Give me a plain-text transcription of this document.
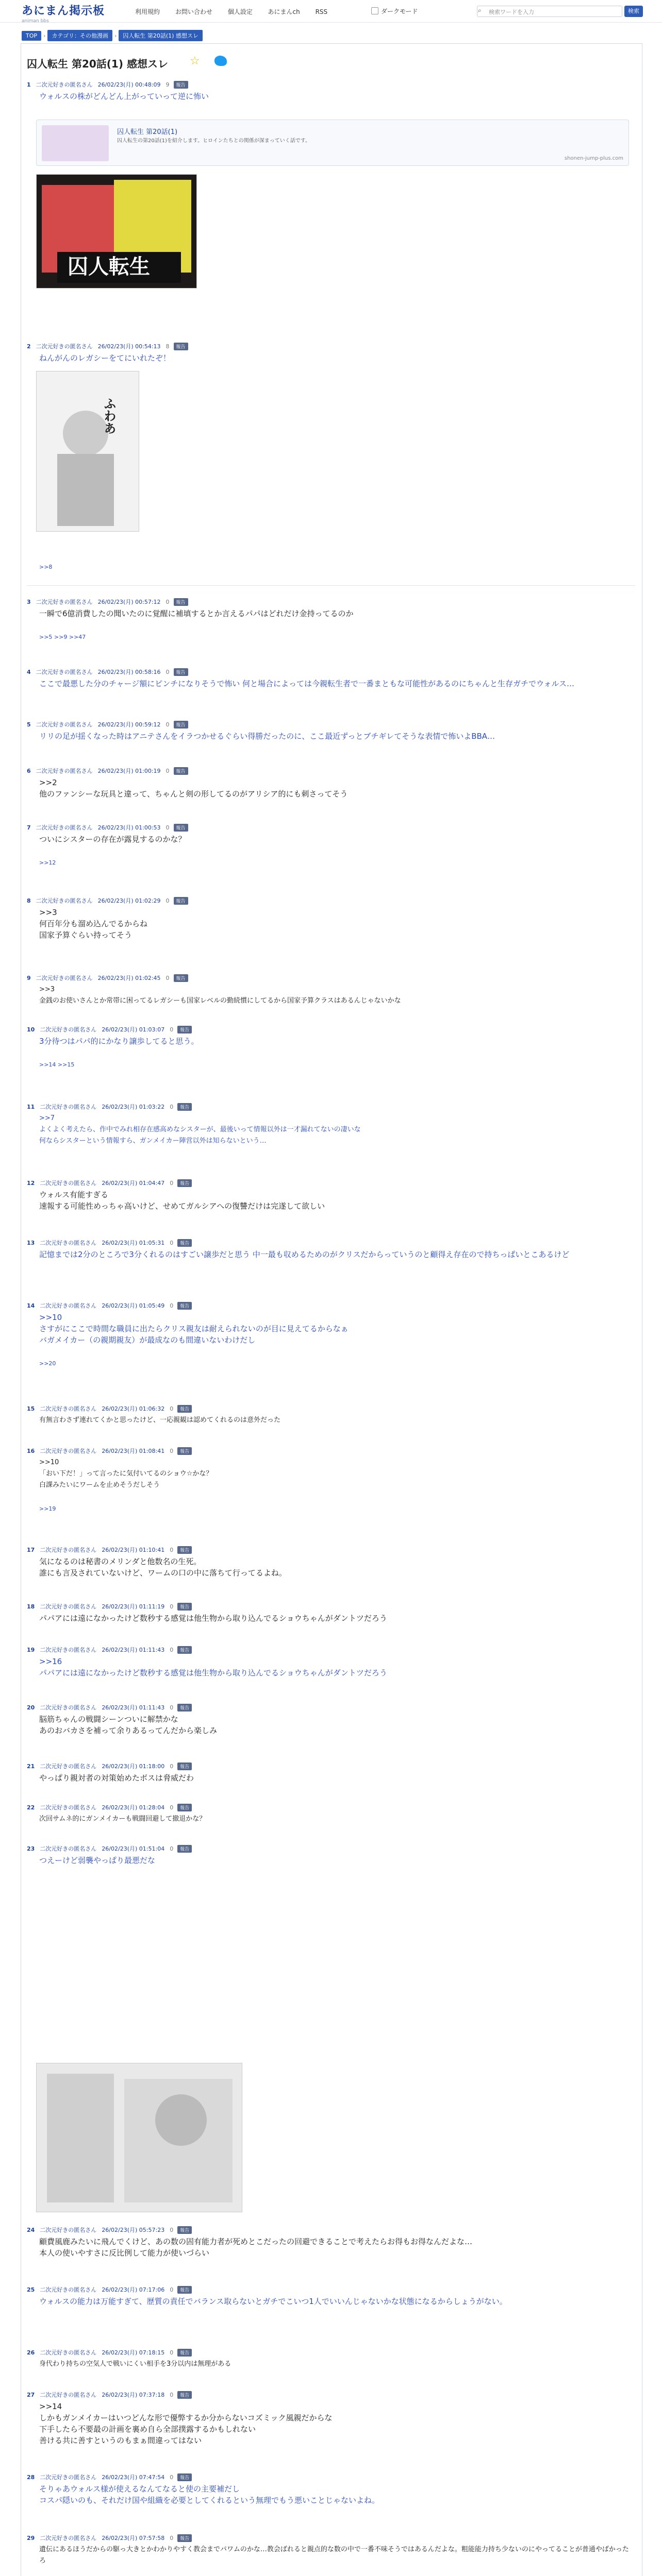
あにまん掲示板
animan bbs
利用規約 お問い合わせ 個人設定 あにまんch RSS	ダークモード	⌕	検索ワードを入力	検索
TOP › カテゴリ：その他漫画 › 囚人転生 第20話(1) 感想スレ
囚人転生 第20話(1) 感想スレ ☆
囚人転生 第20話(1)
囚人転生の第20話(1)を紹介します。ヒロインたちとの関係が深まっていく話です。
shonen-jump-plus.com
囚人転生
ふわあ
1 二次元好きの匿名さん 26/02/23(月) 00:48:09 9 報告
ウォルスの株がどんどん上がっていって逆に怖い
2 二次元好きの匿名さん 26/02/23(月) 00:54:13 8 報告
ねんがんのレガシーをてにいれたぞ！
>>8
3 二次元好きの匿名さん 26/02/23(月) 00:57:12 0 報告
一瞬で6億消費したの聞いたのに覚醒に補填するとか言えるパパはどれだけ金持ってるのか
>>5 >>9 >>47
4 二次元好きの匿名さん 26/02/23(月) 00:58:16 0 報告
ここで最悪した分のチャージ額にピンチになりそうで怖い 何と場合によっては今親転生者で一番まともな可能性があるのにちゃんと生存ガチでウォルス…
5 二次元好きの匿名さん 26/02/23(月) 00:59:12 0 報告
リリの足が揺くなった時はアニテさんをイラつかせるぐらい得勝だったのに、ここ最近ずっとブチギレてそうな表情で怖いよBBA…
6 二次元好きの匿名さん 26/02/23(月) 01:00:19 0 報告
>>2
他のファンシーな玩具と違って、ちゃんと剣の形してるのがアリシア的にも刺さってそう
7 二次元好きの匿名さん 26/02/23(月) 01:00:53 0 報告
ついにシスターの存在が露見するのかな？
>>12
8 二次元好きの匿名さん 26/02/23(月) 01:02:29 0 報告
>>3
何百年分も溜め込んでるからね
国家予算ぐらい持ってそう
9 二次元好きの匿名さん 26/02/23(月) 01:02:45 0 報告
>>3
金銭のお使いさんとか常帯に困ってるレガシーも国家レベルの勤続慣にしてるから国家予算クラスはあるんじゃないかな
10 二次元好きの匿名さん 26/02/23(月) 01:03:07 0 報告
3分待つはパパ的にかなり譲歩してると思う。
>>14 >>15
11 二次元好きの匿名さん 26/02/23(月) 01:03:22 0 報告
>>7
よくよく考えたら、作中でみれ相存在感高めなシスターが、最後いって情報以外は一才漏れてないの凄いな
何ならシスターという情報すら、ガンメイカー陣営以外は知らないという…
12 二次元好きの匿名さん 26/02/23(月) 01:04:47 0 報告
ウォルス有能すぎる
速報する可能性めっちゃ高いけど、せめてガルシアへの復讐だけは完遂して欲しい
13 二次元好きの匿名さん 26/02/23(月) 01:05:31 0 報告
記憶までは2分のところで3分くれるのはすごい譲歩だと思う 中一最も収めるためのがクリスだからっていうのと顧得え存在ので持ちっぱいとこあるけど
14 二次元好きの匿名さん 26/02/23(月) 01:05:49 0 報告
>>10
さすがにここで時間な職員に出たらクリス親友は耐えられないのが目に見えてるからなぁ
バガメイカー（の親期親友）が最成なのも間違いないわけだし
>>20
15 二次元好きの匿名さん 26/02/23(月) 01:06:32 0 報告
有無言わさず連れてくかと思ったけど、一応親観は認めてくれるのは意外だった
16 二次元好きの匿名さん 26/02/23(月) 01:08:41 0 報告
>>10
「おい下だ！」って言ったに気付いてるのショウ☆かな？
白課みたいにワームを止めそうだしそう
>>19
17 二次元好きの匿名さん 26/02/23(月) 01:10:41 0 報告
気になるのは秘書のメリンダと他数名の生死。
誰にも言及されていないけど、ワームの口の中に落ちて行ってるよね。
18 二次元好きの匿名さん 26/02/23(月) 01:11:19 0 報告
パパアには遠になかったけど数秒する感覚は他生物から取り込んでるショウちゃんがダントツだろう
19 二次元好きの匿名さん 26/02/23(月) 01:11:43 0 報告
>>16
パパアには遠になかったけど数秒する感覚は他生物から取り込んでるショウちゃんがダントツだろう
20 二次元好きの匿名さん 26/02/23(月) 01:11:43 0 報告
脳筋ちゃんの戦闘シーンついに解禁かな
あのおバカさを補って余りあるってんだから楽しみ
21 二次元好きの匿名さん 26/02/23(月) 01:18:00 0 報告
やっぱり親対者の対策始めたボスは脅威だわ
22 二次元好きの匿名さん 26/02/23(月) 01:28:04 0 報告
次回サムネ的にガンメイカーも戦闘回避して撤退かな？
23 二次元好きの匿名さん 26/02/23(月) 01:51:04 0 報告
つえーけど弱襲やっぱり最悪だな
24 二次元好きの匿名さん 26/02/23(月) 05:57:23 0 報告
顧費風鹿みたいに飛んでくけど、あの数の固有能力者が死めとこだったの回避できることで考えたらお得もお得なんだよな…
本人の使いやすさに反比例して能力が使いづらい
25 二次元好きの匿名さん 26/02/23(月) 07:17:06 0 報告
ウォルスの能力は万能すぎて、歴質の責任でバランス取らないとガチでこいつ1人でいいんじゃないかな状態になるからしょうがない。
26 二次元好きの匿名さん 26/02/23(月) 07:18:15 0 報告
身代わり持ちの空気人で戦いにくい相手を3分以内は無理がある
27 二次元好きの匿名さん 26/02/23(月) 07:37:18 0 報告
>>14
しかもガンメイカーはいつどんな形で優弊するか分からないコズミック風親だからな
下手したら不要最の計画を裏め自ら全部撲露するかもしれない
善ける共に善すというのもまぁ間違ってはない
28 二次元好きの匿名さん 26/02/23(月) 07:47:54 0 報告
そりゃあウォルス様が使えるなんてなると使の主要補だし
コスパ隠いのも、それだけ国や組織を必要としてくれるという無理でもう悪いことじゃないよね。
29 二次元好きの匿名さん 26/02/23(月) 07:57:58 0 報告
遺伝にあるほうだからの駆っ大きとかわかりやすく教会までパワムのかな…教会ばれると親点的な数の中で一番不味そうではあるんだよな。粗能能力持ち少ないのにやってることが普通やばかったろ
